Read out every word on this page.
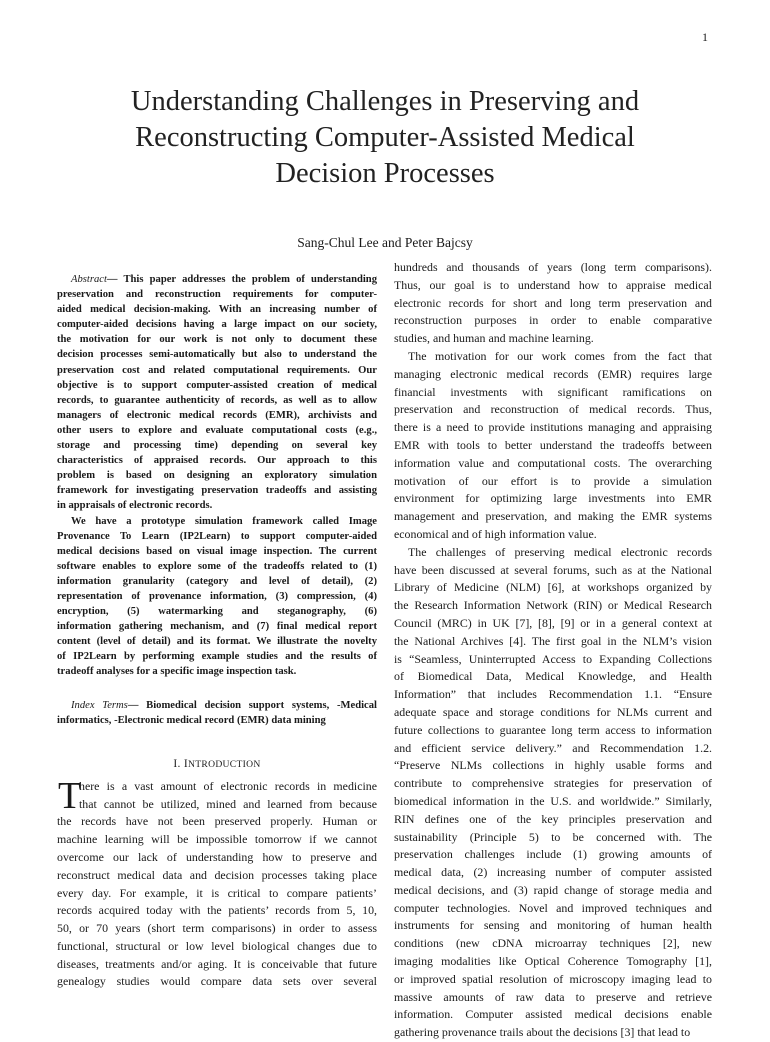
1
Understanding Challenges in Preserving and
Reconstructing Computer-Assisted Medical
Decision Processes
Sang-Chul Lee and Peter Bajcsy
Abstract— This paper addresses the problem of understanding
preservation and reconstruction requirements for computer-
aided medical decision-making. With an increasing number of
computer-aided decisions having a large impact on our society,
the motivation for our work is not only to document these
decision processes semi-automatically but also to understand the
preservation cost and related computational requirements. Our
objective is to support computer-assisted creation of medical
records, to guarantee authenticity of records, as well as to allow
managers of electronic medical records (EMR), archivists and
other users to explore and evaluate computational costs (e.g.,
storage and processing time) depending on several key
characteristics of appraised records. Our approach to this
problem is based on designing an exploratory simulation
framework for investigating preservation tradeoffs and assisting
in appraisals of electronic records.
We have a prototype simulation framework called Image
Provenance To Learn (IP2Learn) to support computer-aided
medical decisions based on visual image inspection. The current
software enables to explore some of the tradeoffs related to (1)
information granularity (category and level of detail), (2)
representation of provenance information, (3) compression, (4)
encryption, (5) watermarking and steganography, (6)
information gathering mechanism, and (7) final medical report
content (level of detail) and its format. We illustrate the novelty
of IP2Learn by performing example studies and the results of
tradeoff analyses for a specific image inspection task.
Index Terms— Biomedical decision support systems, -Medical
informatics, -Electronic medical record (EMR) data mining
I. INTRODUCTION
T
here is a vast amount of electronic records in medicine
that cannot be utilized, mined and learned from because
the records have not been preserved properly. Human or
machine learning will be impossible tomorrow if we cannot
overcome our lack of understanding how to preserve and
reconstruct medical data and decision processes taking place
every day. For example, it is critical to compare patients’
records acquired today with the patients’ records from 5, 10,
50, or 70 years (short term comparisons) in order to assess
functional, structural or low level biological changes due to
diseases, treatments and/or aging. It is conceivable that future
genealogy studies would compare data sets over several
hundreds and thousands of years (long term comparisons).
Thus, our goal is to understand how to appraise medical
electronic records for short and long term preservation and
reconstruction purposes in order to enable comparative
studies, and human and machine learning.
The motivation for our work comes from the fact that
managing electronic medical records (EMR) requires large
financial investments with significant ramifications on
preservation and reconstruction of medical records. Thus,
there is a need to provide institutions managing and appraising
EMR with tools to better understand the tradeoffs between
information value and computational costs. The overarching
motivation of our effort is to provide a simulation
environment for optimizing large investments into EMR
management and preservation, and making the EMR systems
economical and of high information value.
The challenges of preserving medical electronic records
have been discussed at several forums, such as at the National
Library of Medicine (NLM) [6], at workshops organized by
the Research Information Network (RIN) or Medical Research
Council (MRC) in UK [7], [8], [9] or in a general context at
the National Archives [4]. The first goal in the NLM’s vision
is “Seamless, Uninterrupted Access to Expanding Collections
of Biomedical Data, Medical Knowledge, and Health
Information” that includes Recommendation 1.1. “Ensure
adequate space and storage conditions for NLMs current and
future collections to guarantee long term access to information
and efficient service delivery.” and Recommendation 1.2.
“Preserve NLMs collections in highly usable forms and
contribute to comprehensive strategies for preservation of
biomedical information in the U.S. and worldwide.” Similarly,
RIN defines one of the key principles preservation and
sustainability (Principle 5) to be concerned with. The
preservation challenges include (1) growing amounts of
medical data, (2) increasing number of computer assisted
medical decisions, and (3) rapid change of storage media and
computer technologies. Novel and improved techniques and
instruments for sensing and monitoring of human health
conditions (new cDNA microarray techniques [2], new
imaging modalities like Optical Coherence Tomography [1],
or improved spatial resolution of microscopy imaging lead to
massive amounts of raw data to preserve and retrieve
information. Computer assisted medical decisions enable
gathering provenance trails about the decisions [3] that lead to
